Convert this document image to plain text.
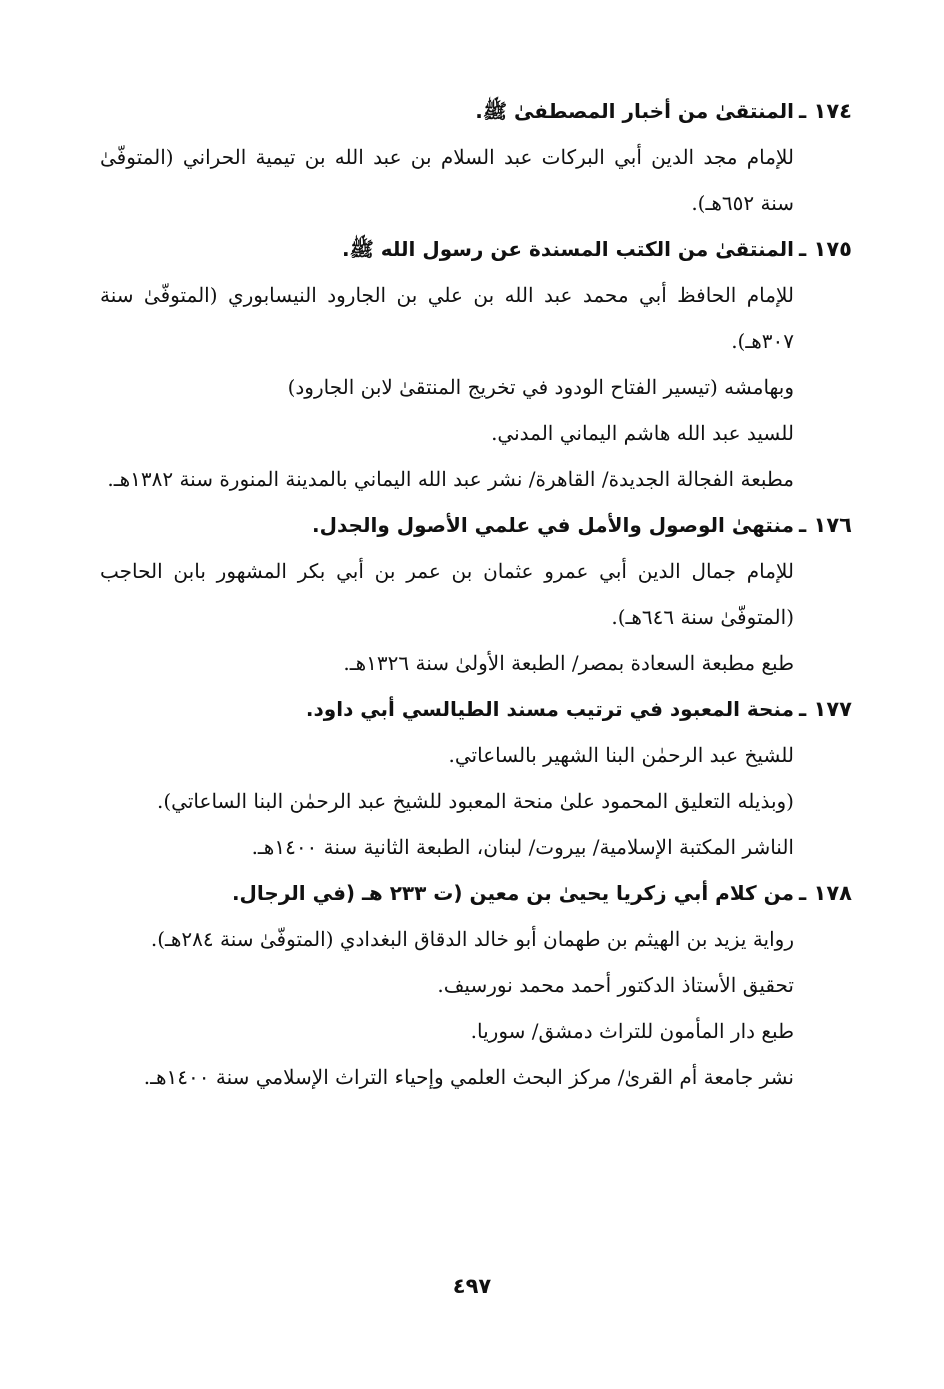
١٧٤ ـ
المنتقىٰ من أخبار المصطفىٰ ﷺ.
للإمام مجد الدين أبي البركات عبد السلام بن عبد الله بن تيمية الحراني (المتوفّىٰ سنة ٦٥٢هـ).
١٧٥ ـ
المنتقىٰ من الكتب المسندة عن رسول الله ﷺ.
للإمام الحافظ أبي محمد عبد الله بن علي بن الجارود النيسابوري (المتوفّىٰ سنة ٣٠٧هـ).
وبهامشه (تيسير الفتاح الودود في تخريج المنتقىٰ لابن الجارود)
للسيد عبد الله هاشم اليماني المدني.
مطبعة الفجالة الجديدة/ القاهرة/ نشر عبد الله اليماني بالمدينة المنورة سنة ١٣٨٢هـ.
١٧٦ ـ
منتهىٰ الوصول والأمل في علمي الأصول والجدل.
للإمام جمال الدين أبي عمرو عثمان بن عمر بن أبي بكر المشهور بابن الحاجب (المتوفّىٰ سنة ٦٤٦هـ).
طبع مطبعة السعادة بمصر/ الطبعة الأولىٰ سنة ١٣٢٦هـ.
١٧٧ ـ
منحة المعبود في ترتيب مسند الطيالسي أبي داود.
للشيخ عبد الرحمٰن البنا الشهير بالساعاتي.
(وبذيله التعليق المحمود علىٰ منحة المعبود للشيخ عبد الرحمٰن البنا الساعاتي).
الناشر المكتبة الإسلامية/ بيروت/ لبنان، الطبعة الثانية سنة ١٤٠٠هـ.
١٧٨ ـ
من كلام أبي زكريا يحيىٰ بن معين (ت ٢٣٣ هـ (في الرجال.
رواية يزيد بن الهيثم بن طهمان أبو خالد الدقاق البغدادي (المتوفّىٰ سنة ٢٨٤هـ).
تحقيق الأستاذ الدكتور أحمد محمد نورسيف.
طبع دار المأمون للتراث دمشق/ سوريا.
نشر جامعة أم القرىٰ/ مركز البحث العلمي وإحياء التراث الإسلامي سنة ١٤٠٠هـ.
٤٩٧
